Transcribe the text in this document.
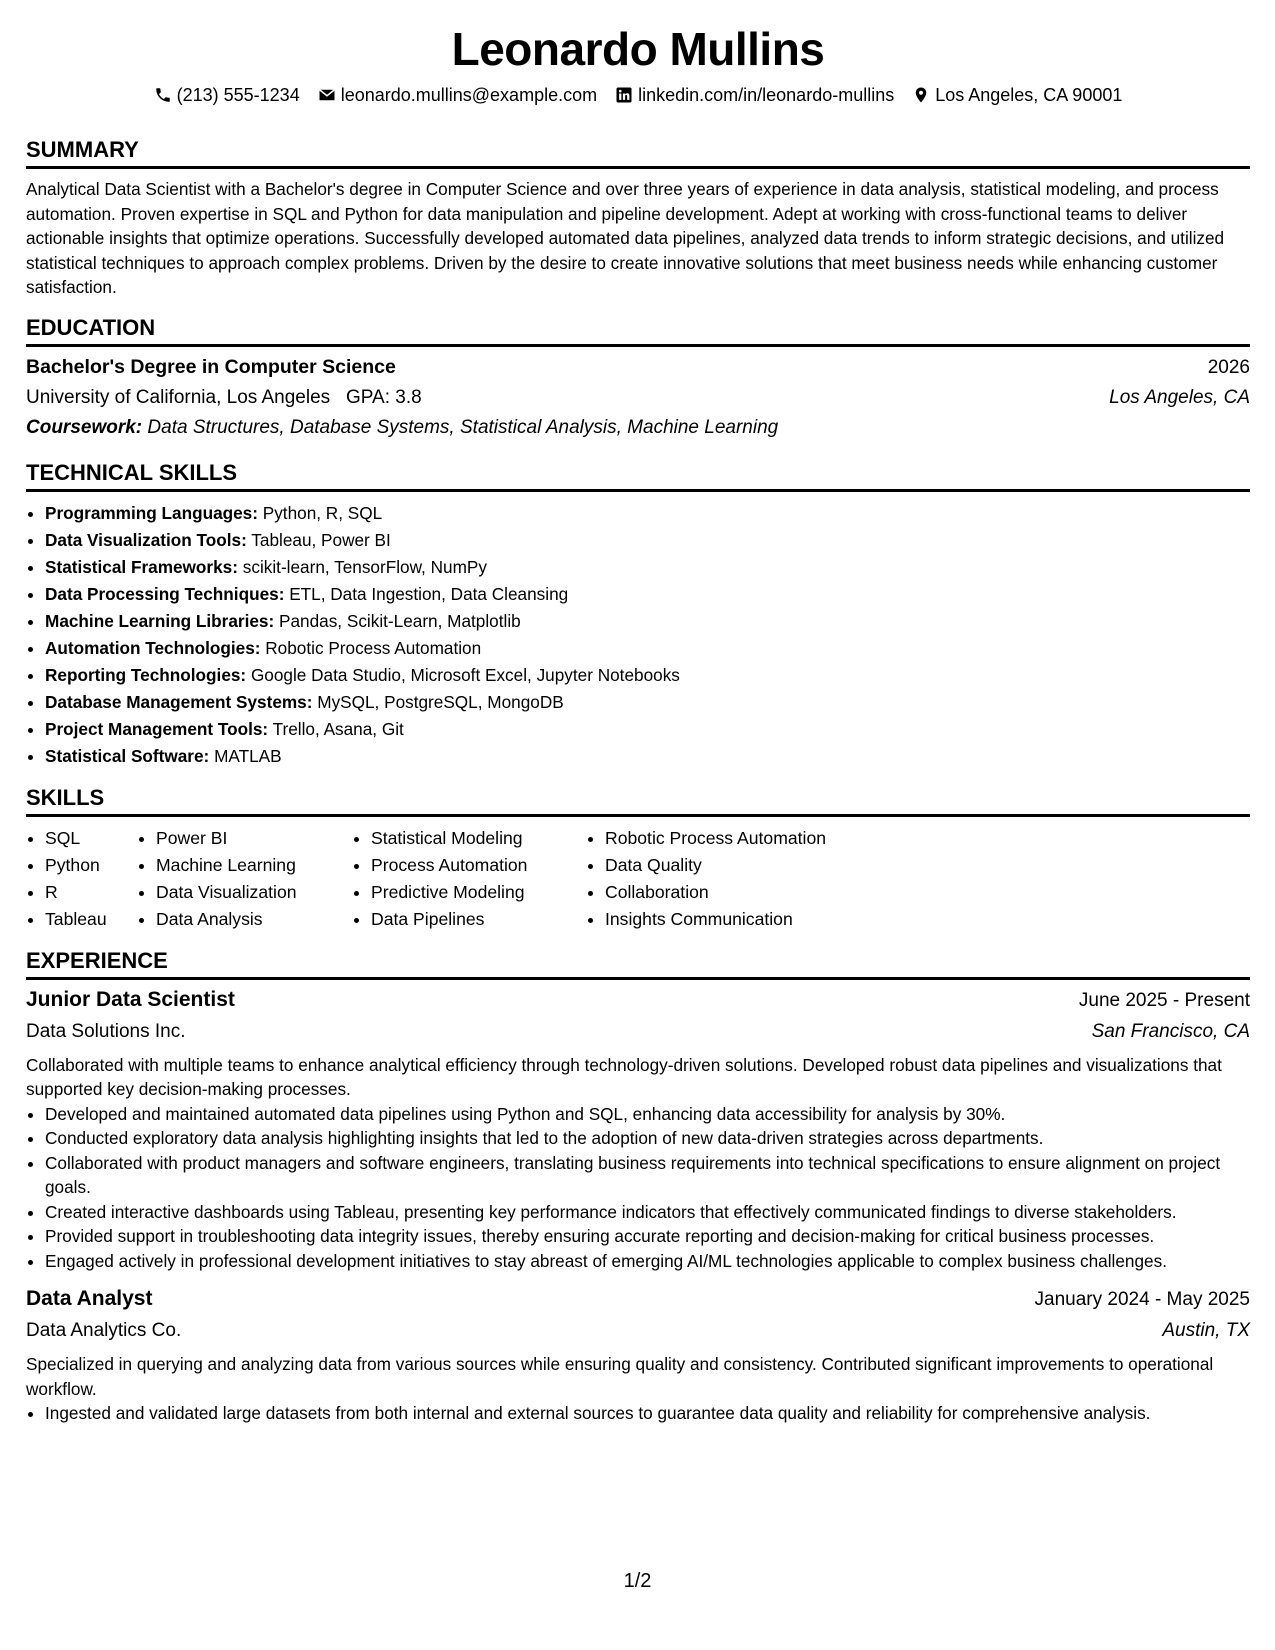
Leonardo Mullins
(213) 555-1234 leonardo.mullins@example.com linkedin.com/in/leonardo-mullins Los Angeles, CA 90001
SUMMARY
Analytical Data Scientist with a Bachelor's degree in Computer Science and over three years of experience in data analysis, statistical modeling, and process automation. Proven expertise in SQL and Python for data manipulation and pipeline development. Adept at working with cross-functional teams to deliver actionable insights that optimize operations. Successfully developed automated data pipelines, analyzed data trends to inform strategic decisions, and utilized statistical techniques to approach complex problems. Driven by the desire to create innovative solutions that meet business needs while enhancing customer satisfaction.
EDUCATION
Bachelor's Degree in Computer Science	2026
University of California, Los Angeles GPA: 3.8	Los Angeles, CA
Coursework: Data Structures, Database Systems, Statistical Analysis, Machine Learning
TECHNICAL SKILLS
• Programming Languages: Python, R, SQL
• Data Visualization Tools: Tableau, Power BI
• Statistical Frameworks: scikit-learn, TensorFlow, NumPy
• Data Processing Techniques: ETL, Data Ingestion, Data Cleansing
• Machine Learning Libraries: Pandas, Scikit-Learn, Matplotlib
• Automation Technologies: Robotic Process Automation
• Reporting Technologies: Google Data Studio, Microsoft Excel, Jupyter Notebooks
• Database Management Systems: MySQL, PostgreSQL, MongoDB
• Project Management Tools: Trello, Asana, Git
• Statistical Software: MATLAB
SKILLS
• SQL
• Python
• R
• Tableau
• Power BI
• Machine Learning
• Data Visualization
• Data Analysis
• Statistical Modeling
• Process Automation
• Predictive Modeling
• Data Pipelines
• Robotic Process Automation
• Data Quality
• Collaboration
• Insights Communication
EXPERIENCE
Junior Data Scientist	June 2025 - Present
Data Solutions Inc.	San Francisco, CA
Collaborated with multiple teams to enhance analytical efficiency through technology-driven solutions. Developed robust data pipelines and visualizations that supported key decision-making processes.
• Developed and maintained automated data pipelines using Python and SQL, enhancing data accessibility for analysis by 30%.
• Conducted exploratory data analysis highlighting insights that led to the adoption of new data-driven strategies across departments.
• Collaborated with product managers and software engineers, translating business requirements into technical specifications to ensure alignment on project goals.
• Created interactive dashboards using Tableau, presenting key performance indicators that effectively communicated findings to diverse stakeholders.
• Provided support in troubleshooting data integrity issues, thereby ensuring accurate reporting and decision-making for critical business processes.
• Engaged actively in professional development initiatives to stay abreast of emerging AI/ML technologies applicable to complex business challenges.
Data Analyst	January 2024 - May 2025
Data Analytics Co.	Austin, TX
Specialized in querying and analyzing data from various sources while ensuring quality and consistency. Contributed significant improvements to operational workflow.
• Ingested and validated large datasets from both internal and external sources to guarantee data quality and reliability for comprehensive analysis.
1/2
